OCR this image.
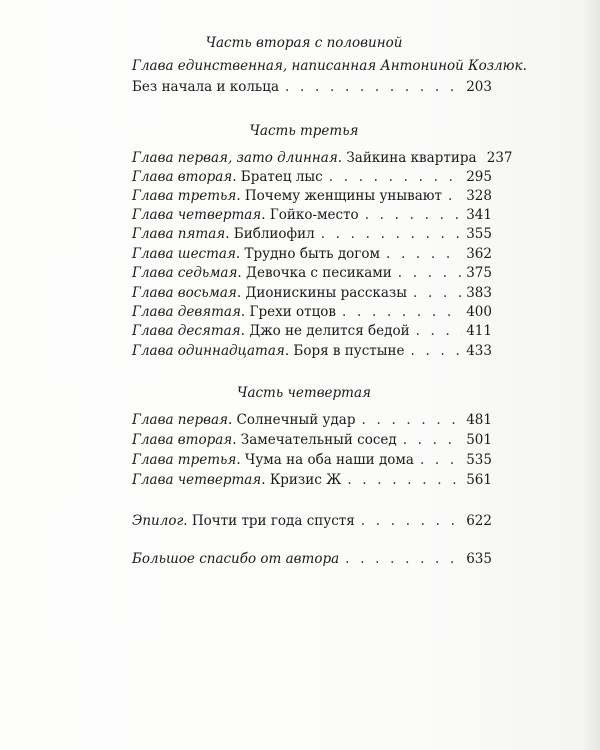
Часть вторая с половиной
Глава единственная, написанная Антониной Козлюк.
Без начала и кольца . . .	203
Часть третья
Глава первая, зато длинная. Зайкина квартира 237
Глава вторая. Братец лыс . . .	295
Глава третья. Почему женщины унывают . . . 328
Глава четвертая. Гойко-место . . .	341
Глава пятая. Библиофил . . .	355
Глава шестая. Трудно быть догом . . .	362
Глава седьмая. Девочка с песиками . . .	375
Глава восьмая. Дионискины рассказы . . .	383
Глава девятая. Грехи отцов . . .	400
Глава десятая. Джо не делится бедой . . .	411
Глава одиннадцатая. Боря в пустыне . . .	433
Часть четвертая
Глава первая. Солнечный удар . . .	481
Глава вторая. Замечательный сосед . . .	501
Глава третья. Чума на оба наши дома . . .	535
Глава четвертая. Кризис Ж . . .	561
Эпилог. Почти три года спустя . . .	622
Большое спасибо от автора . . .	635
